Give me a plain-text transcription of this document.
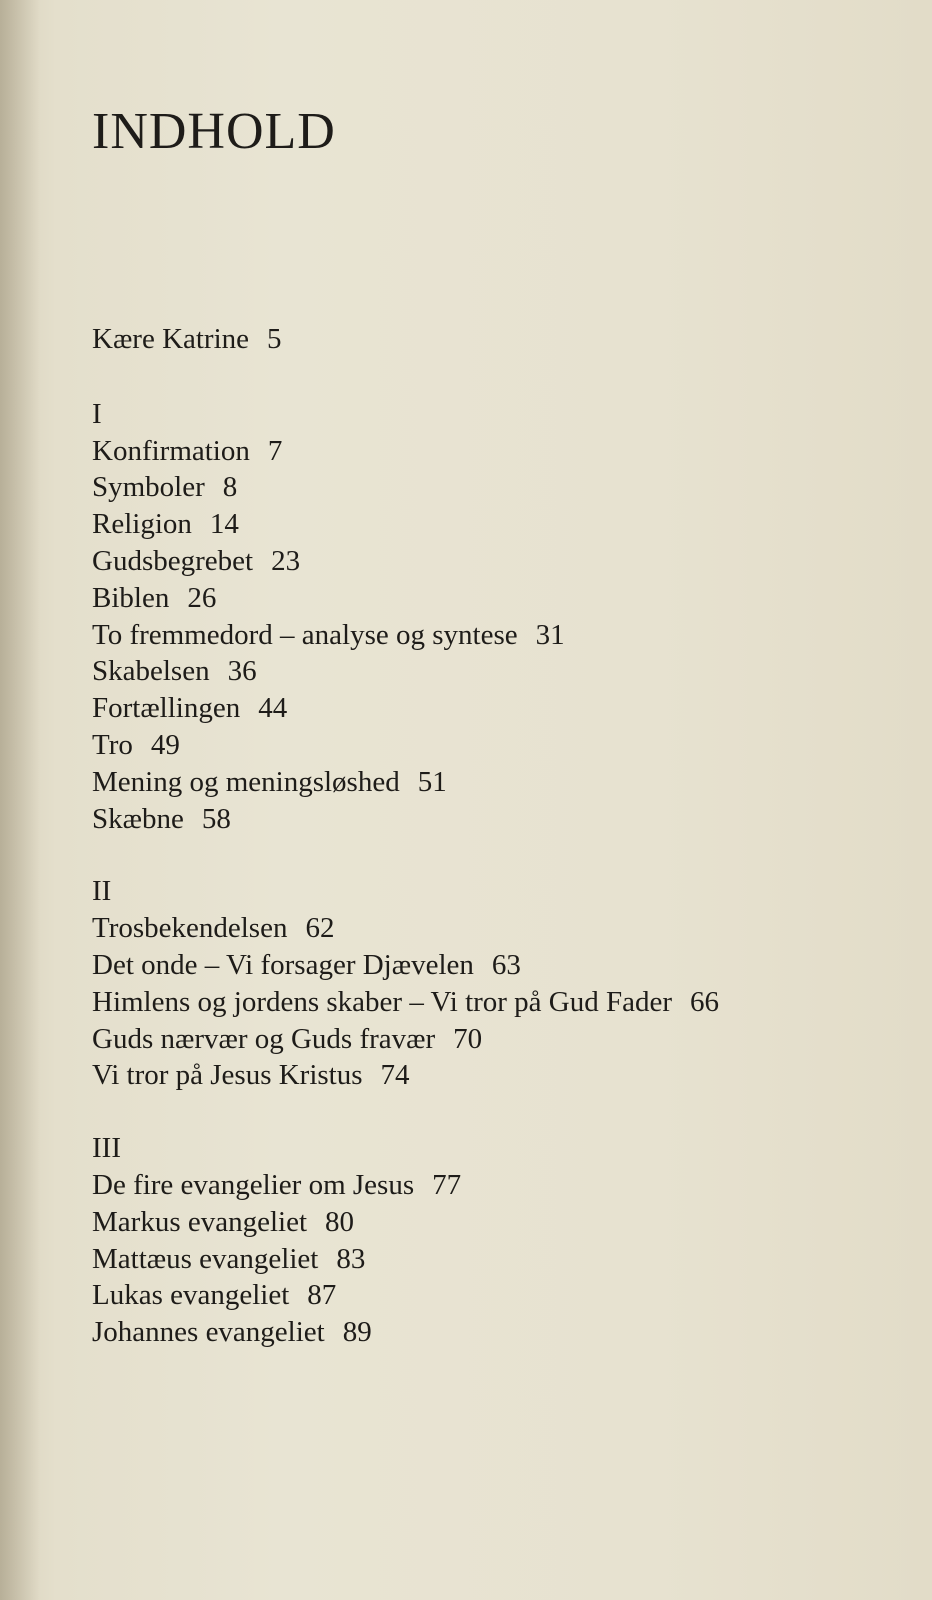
INDHOLD
Kære Katrine 5
I
Konfirmation 7
Symboler 8
Religion 14
Gudsbegrebet 23
Biblen 26
To fremmedord – analyse og syntese 31
Skabelsen 36
Fortællingen 44
Tro 49
Mening og meningsløshed 51
Skæbne 58
II
Trosbekendelsen 62
Det onde – Vi forsager Djævelen 63
Himlens og jordens skaber – Vi tror på Gud Fader 66
Guds nærvær og Guds fravær 70
Vi tror på Jesus Kristus 74
III
De fire evangelier om Jesus 77
Markus evangeliet 80
Mattæus evangeliet 83
Lukas evangeliet 87
Johannes evangeliet 89
